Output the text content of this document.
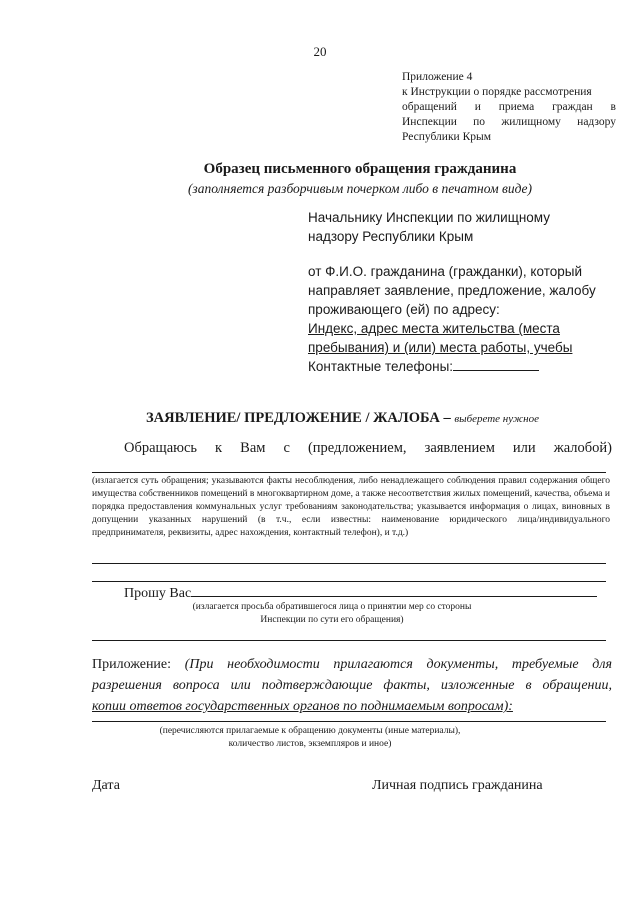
20
Приложение 4
к Инструкции о порядке рассмотрения
обращений и приема граждан в
Инспекции по жилищному надзору
Республики Крым
Образец письменного обращения гражданина
(заполняется разборчивым почерком либо в печатном виде)
Начальнику Инспекции по жилищному
надзору Республики Крым
от Ф.И.О. гражданина (гражданки), который
направляет заявление, предложение, жалобу
проживающего (ей) по адресу:
Индекс, адрес места жительства (места
пребывания) и (или) места работы, учебы
Контактные телефоны:
ЗАЯВЛЕНИЕ/ ПРЕДЛОЖЕНИЕ / ЖАЛОБА – выберете нужное
Обращаюсь к Вам с (предложением, заявлением или жалобой)
(излагается суть обращения; указываются факты несоблюдения, либо ненадлежащего соблюдения правил содержания общего имущества собственников помещений в многоквартирном доме, а также несоответствия жилых помещений, качества, объема и порядка предоставления коммунальных услуг требованиям законодательства; указывается информация о лицах, виновных в допущении указанных нарушений (в т.ч., если известны: наименование юридического лица/индивидуального предпринимателя, реквизиты, адрес нахождения, контактный телефон), и т.д.)
Прошу Вас
(излагается просьба обратившегося лица о принятии мер со стороны
Инспекции по сути его обращения)
Приложение: (При необходимости прилагаются документы, требуемые для
разрешения вопроса или подтверждающие факты, изложенные в обращении,
копии ответов государственных органов по поднимаемым вопросам):
(перечисляются прилагаемые к обращению документы (иные материалы),
количество листов, экземпляров и иное)
Дата	Личная подпись гражданина
